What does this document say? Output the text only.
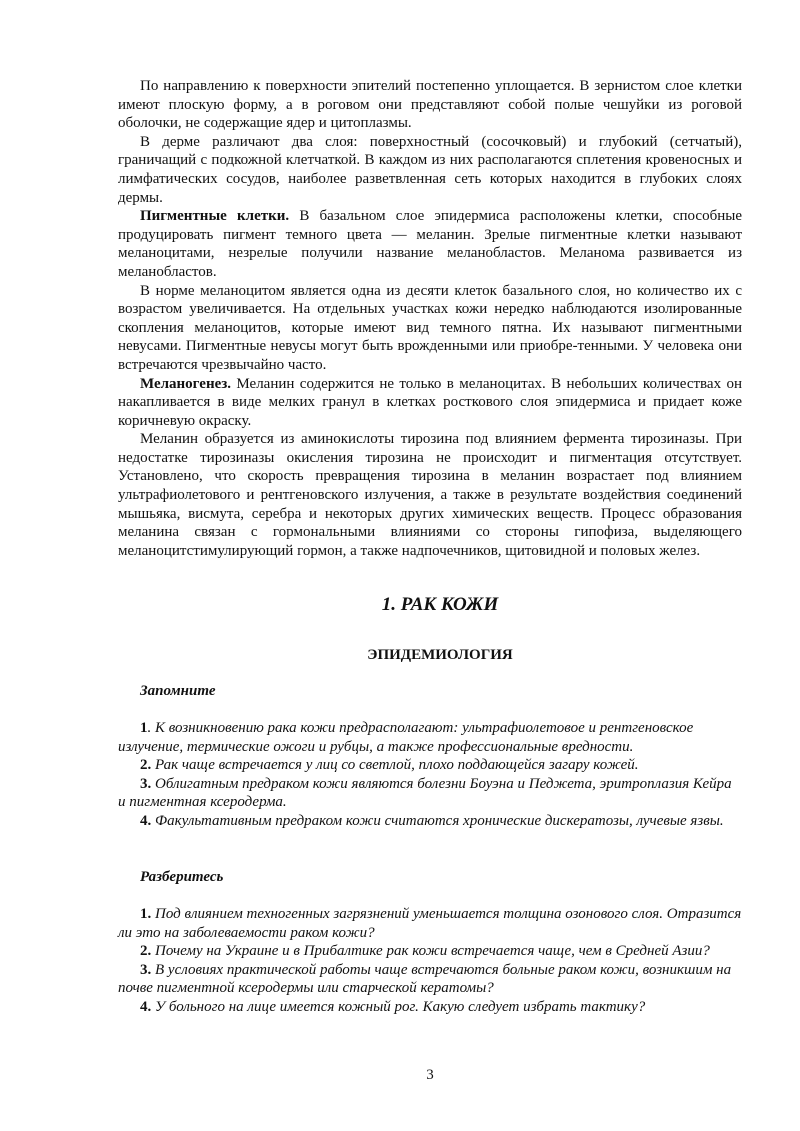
По направлению к поверхности эпителий постепенно уплощается. В зернистом слое клетки имеют плоскую форму, а в роговом они представляют собой полые чешуйки из роговой оболочки, не содержащие ядер и цитоплазмы.

В дерме различают два слоя: поверхностный (сосочковый) и глубокий (сетчатый), граничащий с подкожной клетчаткой. В каждом из них располагаются сплетения кровеносных и лимфатических сосудов, наиболее разветвленная сеть которых находится в глубоких слоях дермы.

Пигментные клетки. В базальном слое эпидермиса расположены клетки, способные продуцировать пигмент темного цвета — меланин. Зрелые пигментные клетки называют меланоцитами, незрелые получили название меланобластов. Меланома развивается из меланобластов.

В норме меланоцитом является одна из десяти клеток базального слоя, но количество их с возрастом увеличивается. На отдельных участках кожи нередко наблюдаются изолированные скопления меланоцитов, которые имеют вид темного пятна. Их называют пигментными невусами. Пигментные невусы могут быть врожденными или приобре-тенными. У человека они встречаются чрезвычайно часто.

Меланогенез. Меланин содержится не только в меланоцитах. В небольших количествах он накапливается в виде мелких гранул в клетках ростковоrо слоя эпидермиса и придает коже коричневую окраску.

Меланин образуется из аминокислоты тирозина под влиянием фермента тирозиназы. При недостатке тирозиназы окисления тирозина не происходит и пигментация отсутствует. Установлено, что скорость превращения тирозина в меланин возрастает под влиянием ультрафиолетового и рентгеновского излучения, а также в результате воздействия соединений мышьяка, висмута, серебра и некоторых других химических веществ. Процесс образования меланина связан с гормональными влияниями со стороны гипофиза, выделяющего меланоцитстимулирующий гормон, а также надпочечников, щитовидной и половых желез.

1. РАК КОЖИ
ЭПИДЕМИОЛОГИЯ
Запомните

1. К возникновению рака кожи предрасполагают: ультрафиолетовое и рентгеновское излучение, термические ожоги и рубцы, а также профессиональные вредности.

2. Рак чаще встречается у лиц со светлой, плохо поддающейся загару кожей.

3. Облигатным предраком кожи являются болезни Боуэна и Педжета, эритроплазия Кейра и пигментная ксеродерма.

4. Факультативным предраком кожи считаются хронические дискератозы, лучевые язвы.

Разберитесь

1. Под влиянием техногенных загрязнений уменьшается толщина озонового слоя. Отразится ли это на заболеваемости раком кожи?

2. Почему на Украине и в Прибалтике рак кожи встречается чаще, чем в Средней Азии?

3. В условиях практической работы чаще встречаются больные раком кожи, возникшим на почве пигментной ксеродермы или старческой кератомы?

4. У больного на лице имеется кожный рог. Какую следует избрать тактику?

3
